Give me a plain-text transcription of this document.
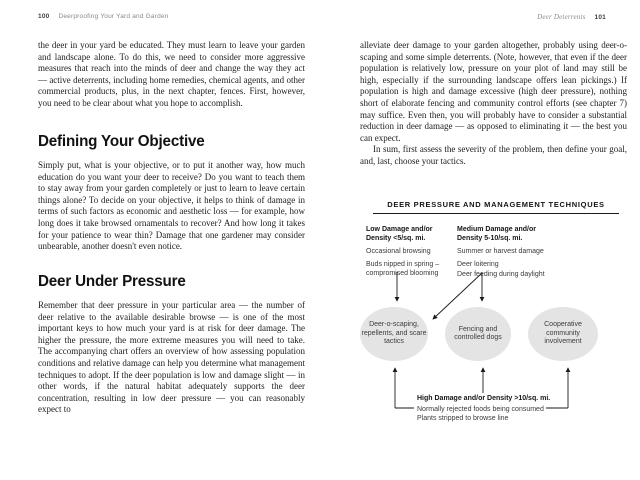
100 Deerproofing Your Yard and Garden

the deer in your yard be educated. They must learn to leave your garden and landscape alone. To do this, we need to consider more aggressive measures that reach into the minds of deer and change the way they act — active deterrents, including home remedies, chemical agents, and other commercial products, plus, in the next chapter, fences. First, however, you need to be clear about what you hope to accomplish.

Defining Your Objective

Simply put, what is your objective, or to put it another way, how much education do you want your deer to receive? Do you want to teach them to stay away from your garden completely or just to learn to leave certain things alone? To decide on your objective, it helps to think of damage in terms of such factors as economic and aesthetic loss — for example, how long does it take browsed ornamentals to recover? And how long it takes for your patience to wear thin? Damage that one gardener may consider unbearable, another doesn't even notice.

Deer Under Pressure

Remember that deer pressure in your particular area — the number of deer relative to the available desirable browse — is one of the most important keys to how much your yard is at risk for deer damage. The higher the pressure, the more extreme measures you will need to take. The accompanying chart offers an overview of how assessing population conditions and relative damage can help you determine what management techniques to adopt. If the deer population is low and damage slight — in other words, if the natural habitat adequately supports the deer concentration, resulting in low deer pressure — you can reasonably expect to

Deer Deterrents 101

alleviate deer damage to your garden altogether, probably using deer-o-scaping and some simple deterrents. (Note, however, that even if the deer population is relatively low, pressure on your plot of land may still be high, especially if the surrounding landscape offers lean pickings.) If population is high and damage excessive (high deer pressure), nothing short of elaborate fencing and community control efforts (see chapter 7) may suffice. Even then, you will probably have to consider a substantial reduction in deer damage — as opposed to eliminating it — the best you can expect.

In sum, first assess the severity of the problem, then define your goal, and, last, choose your tactics.

DEER PRESSURE AND MANAGEMENT TECHNIQUES
Low Damage and/or
Density <5/sq. mi.
Occasional browsing
Buds nipped in spring –
compromised blooming
Medium Damage and/or
Density 5-10/sq. mi.
Summer or harvest damage
Deer loitering
Deer feeding during daylight
Deer-o-scaping, repellents, and scare tactics
Fencing and controlled dogs
Cooperative community involvement
High Damage and/or Density >10/sq. mi.
Normally rejected foods being consumed
Plants stripped to browse line
